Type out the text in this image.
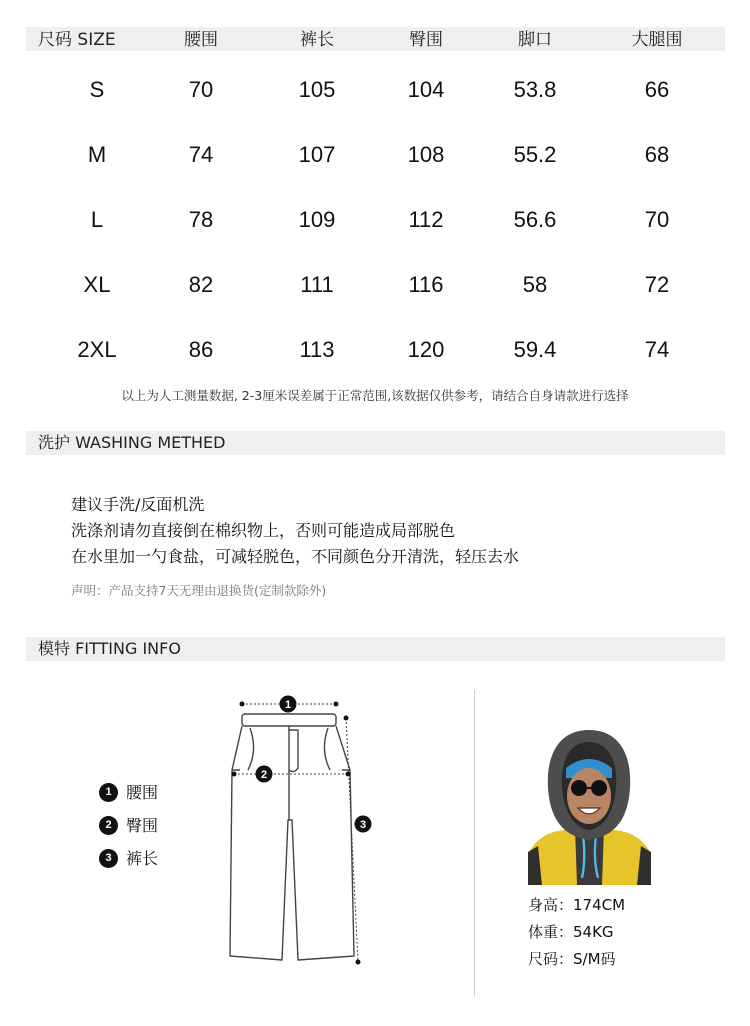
尺码 SIZE	腰围	裤长	臀围	脚口	大腿围
S	70	105	104	53.8	66
M	74	107	108	55.2	68
L	78	109	112	56.6	70
XL	82	111	116	58	72
2XL	86	113	120	59.4	74
以上为人工测量数据, 2-3厘米误差属于正常范围,该数据仅供参考，请结合自身请款进行选择
洗护 WASHING METHED
建议手洗/反面机洗
洗涤剂请勿直接倒在棉织物上，否则可能造成局部脱色
在水里加一勺食盐，可减轻脱色，不同颜色分开清洗，轻压去水
声明：产品支持7天无理由退换货(定制款除外)
模特 FITTING INFO
1 腰围
2 臀围
3 裤长
1
2
3
身高：174CM
体重：54KG
尺码：S/M码
